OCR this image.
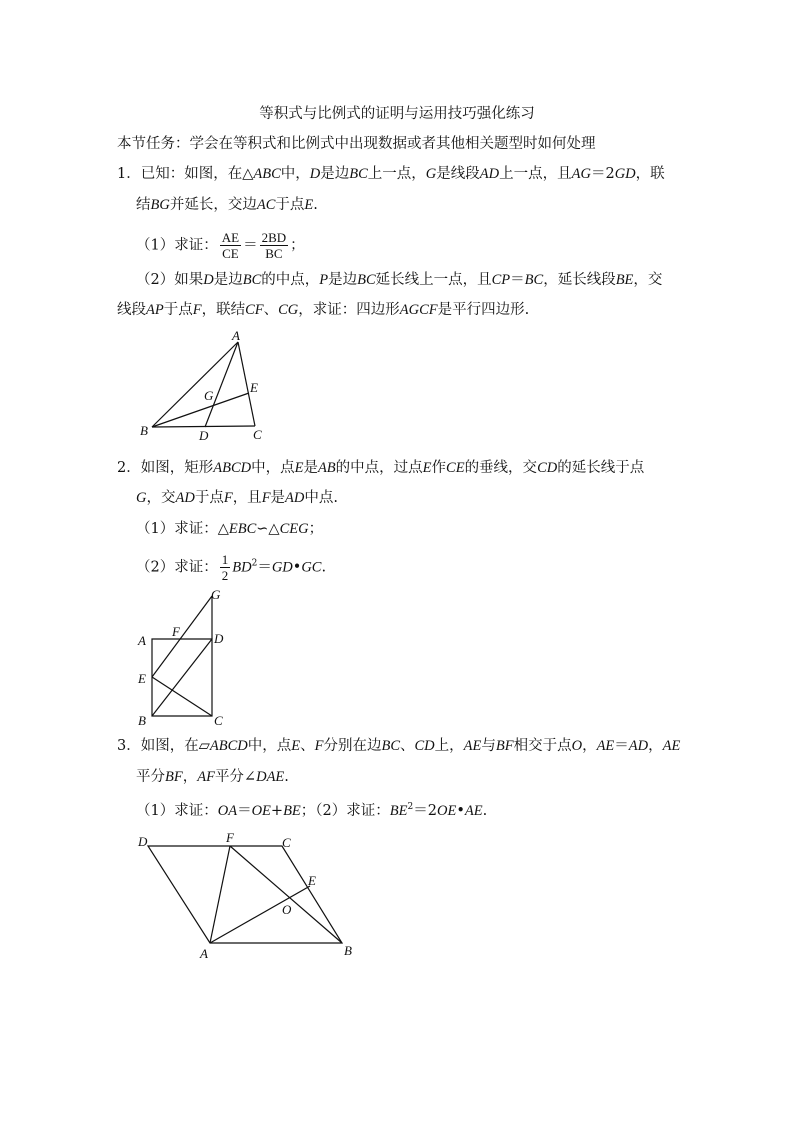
等积式与比例式的证明与运用技巧强化练习
本节任务：学会在等积式和比例式中出现数据或者其他相关题型时如何处理
1．已知：如图，在△ABC中，D是边BC上一点，G是线段AD上一点，且AG＝2GD，联
结BG并延长，交边AC于点E.
（1）求证： $\frac{AE}{CE} = \frac{2BD}{BC}$ ；
（2）如果D是边BC的中点，P是边BC延长线上一点，且CP＝BC，延长线段BE，交
线段AP于点F，联结CF、CG，求证：四边形AGCF是平行四边形.
A
B	C
D
E
G
2．如图，矩形ABCD中，点E是AB的中点，过点E作CE的垂线，交CD的延长线于点
G，交AD于点F，且F是AD中点.
（1）求证：△EBC∽△CEG；
（2）求证： $\frac{1}{2}$ $BD^2=GD•GC$.
G
A
F	D
E
B	C
3．如图，在▱ABCD中，点E、F分别在边BC、CD上，AE与BF相交于点O，AE＝AD，AE
平分BF，AF平分∠DAE.
（1）求证：OA＝OE+BE；（2）求证：$BE^2=2OE•AE$.
D	F	C
E
O
A	B
